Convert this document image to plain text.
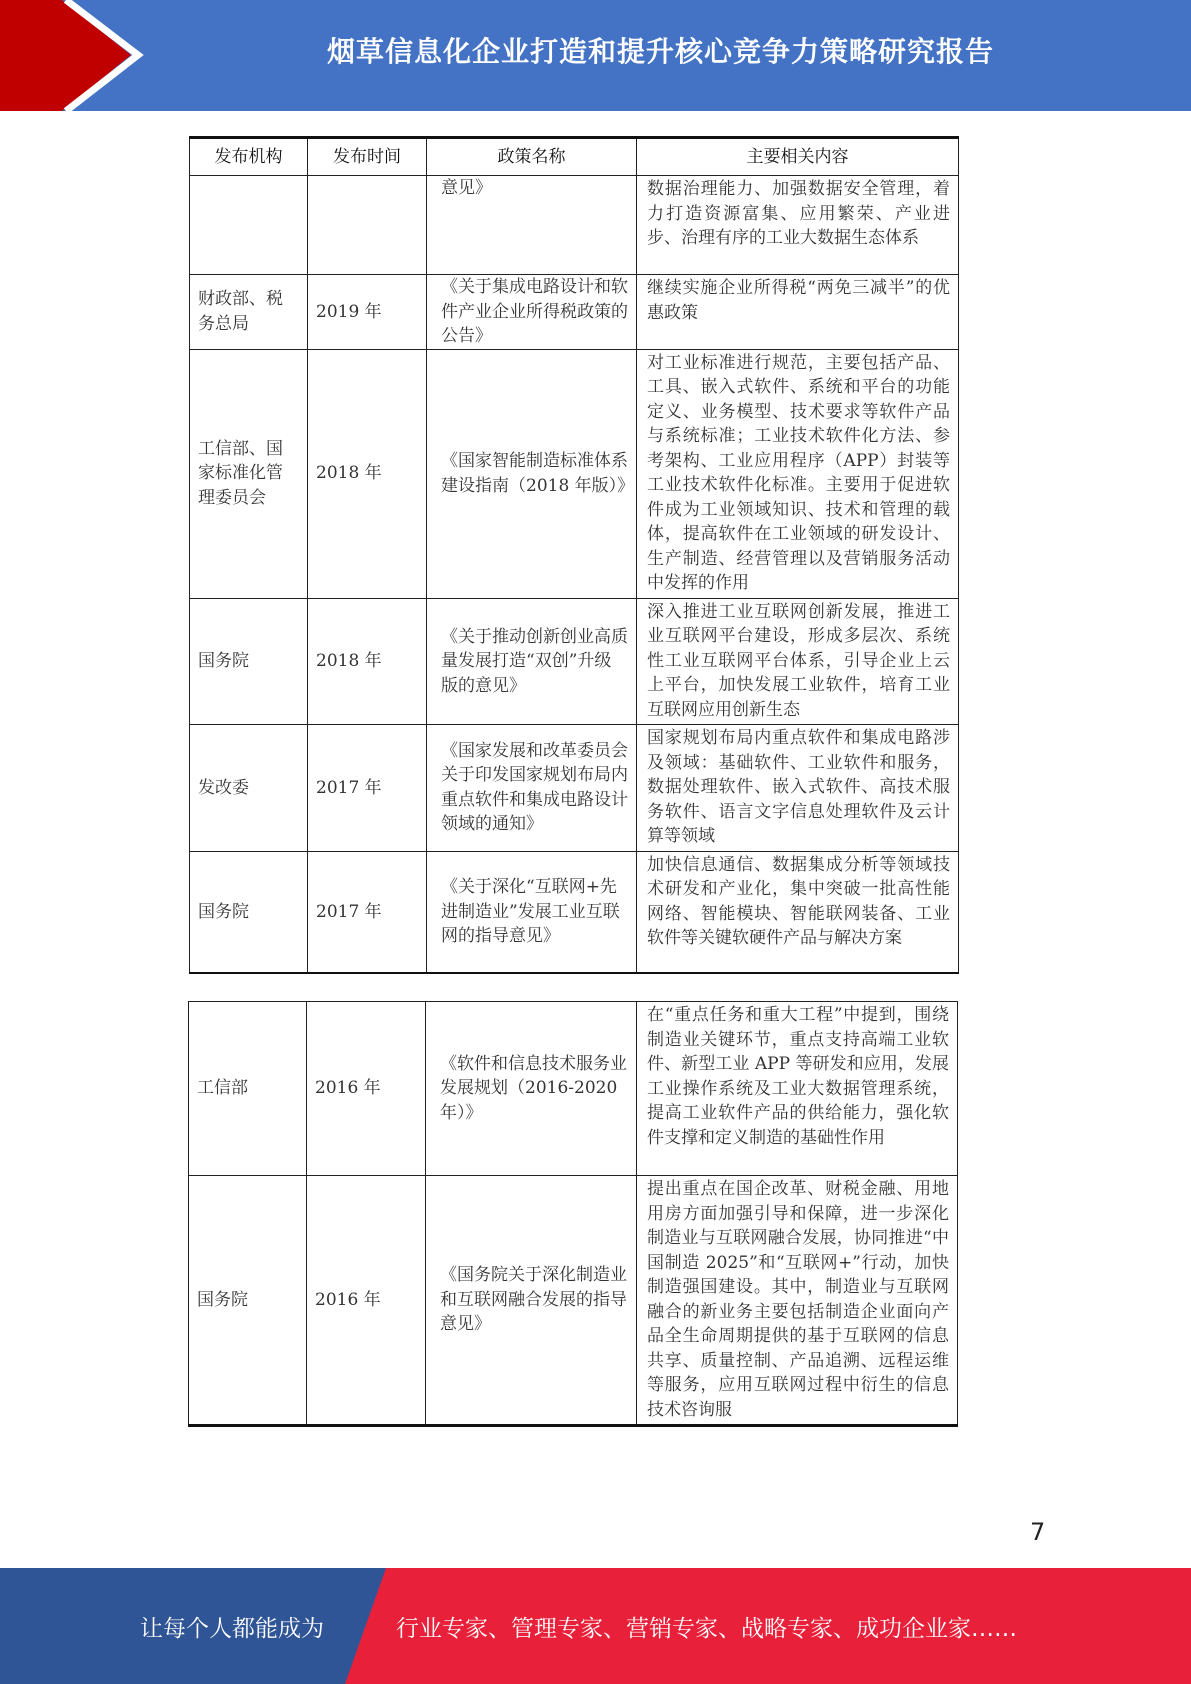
烟草信息化企业打造和提升核心竞争力策略研究报告
发布机构	发布时间	政策名称	主要相关内容
		意见》	数据治理能力、加强数据安全管理，着力打造资源富集、应用繁荣、产业进步、治理有序的工业大数据生态体系
财政部、税务总局	2019 年	《关于集成电路设计和软件产业企业所得税政策的公告》	继续实施企业所得税“两免三减半”的优惠政策
工信部、国家标准化管理委员会	2018 年	《国家智能制造标准体系建设指南（2018 年版）》	对工业标准进行规范，主要包括产品、工具、嵌入式软件、系统和平台的功能定义、业务模型、技术要求等软件产品与系统标准；工业技术软件化方法、参考架构、工业应用程序（APP）封装等工业技术软件化标准。主要用于促进软件成为工业领域知识、技术和管理的载体，提高软件在工业领域的研发设计、生产制造、经营管理以及营销服务活动中发挥的作用
国务院	2018 年	《关于推动创新创业高质量发展打造“双创”升级版的意见》	深入推进工业互联网创新发展，推进工业互联网平台建设，形成多层次、系统性工业互联网平台体系，引导企业上云上平台，加快发展工业软件，培育工业互联网应用创新生态
发改委	2017 年	《国家发展和改革委员会关于印发国家规划布局内重点软件和集成电路设计领域的通知》	国家规划布局内重点软件和集成电路涉及领域：基础软件、工业软件和服务，数据处理软件、嵌入式软件、高技术服务软件、语言文字信息处理软件及云计算等领域
国务院	2017 年	《关于深化“互联网+先进制造业”发展工业互联网的指导意见》	加快信息通信、数据集成分析等领域技术研发和产业化，集中突破一批高性能网络、智能模块、智能联网装备、工业软件等关键软硬件产品与解决方案
工信部	2016 年	《软件和信息技术服务业发展规划（2016-2020 年）》	在“重点任务和重大工程”中提到，围绕制造业关键环节，重点支持高端工业软件、新型工业 APP 等研发和应用，发展工业操作系统及工业大数据管理系统，提高工业软件产品的供给能力，强化软件支撑和定义制造的基础性作用
国务院	2016 年	《国务院关于深化制造业和互联网融合发展的指导意见》	提出重点在国企改革、财税金融、用地用房方面加强引导和保障，进一步深化制造业与互联网融合发展，协同推进“中国制造 2025”和“互联网+”行动，加快制造强国建设。其中，制造业与互联网融合的新业务主要包括制造企业面向产品全生命周期提供的基于互联网的信息共享、质量控制、产品追溯、远程运维等服务，应用互联网过程中衍生的信息技术咨询服
7
让每个人都能成为	行业专家、管理专家、营销专家、战略专家、成功企业家……
